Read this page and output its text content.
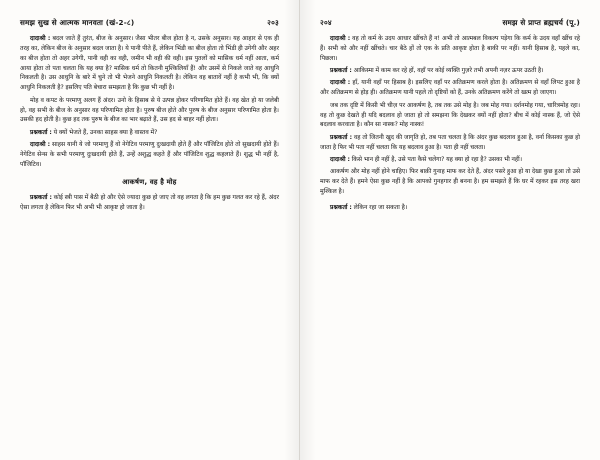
समझ सुख से आत्मक मानवता (खं-2-८)	२०३

दादाश्री : बदल जाते हैं तुरंत, बीज के अनुसार। जैसा भीतर बीज होता है न, उसके अनुसार। यह आहार से एक ही तरह का, लेकिन बीज के अनुसार बदल जाता है। ये पानी पीते हैं, लेकिन भिंडी का बीज होता तो भिंडी ही उगेगी और अहर का बीज होता तो अहर उगेगी, पानी वही का वही, जमीन भी वही की वही। इस पुतलों को मासिक धर्म नहीं आता, कर्म आया होता तो पता चलता कि यह क्या है? मासिक धर्म तो कितनी मुश्किलियाँ हैं! और उसमें से निकले जाते वह आधुनि निकलती है। उस आधुनि के बारे में चुने तो भी भेजने आधुनि निकलती है। लेकिन वह बातावें नहीं है कभी भी, कि क्यों आधुनि निकलती है? इसलिए पति बेचारा समझता है कि कुछ भी नहीं है।

मोह व कपट के परमाणु अलग हैं अंदर। उनो के हिसाब से ये उत्पन्न होकर परिणामित होते हैं। वह खेत हो या जलेबी हो, वह सभी के बीज के अनुसार वह परिणामित होता है। पुरुष बीज होते और पुरुष के बीज अनुसार परिणामित होता है। उसकी हद होती है। कुछ हद तक पुरुष के बीज का भार बढ़ाते हैं, उस हद से बाहर नहीं होता।

प्रश्नकर्ता : ये क्यों भेजते हैं, उनका साहस क्या है वास्तव में?

दादाश्री : साहस यानी ये जो परमाणु हैं वो नेगेटिव परमाणु दुःखदायी होते हैं और पॉजिटिव होते तो सुखदायी होते हैं। नेगेटिव सेन्स के सभी परमाणु दुःखदायी होते हैं, उन्हें अशुद्ध कहते हैं और पॉजिटिव शुद्ध कहलाते हैं। शुद्ध भी नहीं है, पॉजिटिव।

आकर्षण, वह है मोह

प्रश्नकर्ता : कोई स्त्री पास में बैठी हो और ऐसे ज्यादा कुछ हो जाए तो वह लगता है कि हम कुछ गलत कर रहे हैं, अंदर ऐसा लगता है लेकिन फिर भी अभी भी आकृष्ट हो जाता है।

२०४	समझ से प्राप्त ब्रह्मचर्य (पू.)

दादाश्री : वह तो कर्म के उदय आधार खींचते हैं न! अभी तो आत्मबल विकल्प पड़ेगा कि कर्म के उदय वहाँ खींच रहे हैं। सभी को और नहीं खींचते। चार बैठे हों तो एक के प्रति आकृष्ट होता है बाकी पर नहीं। यानी हिसाब है, पहले का, पिछला।

प्रश्नकर्ता : आकिस्मा में काम कर रहे हों, वहाँ पर कोई व्यक्ति गुज़रे तभी अपनी नज़र ऊपर उठती है।

दादाश्री : हाँ, यानी वहाँ पर हिसाब है। इसलिए वहाँ पर अतिक्रमण करले होता है। अतिक्रमण से वहाँ लिपट हुआ है और अतिक्रमण से होड़ ही। अतिक्रमण यानी पहले तो दृष्टियों को हैं, उनके अतिक्रमण करेंगे तो खत्म हो जाएगा।

जब तक दृष्टि में किसी भी चीज़ पर आकर्षण है, तब तक उसे मोह है। जब मोह गया। दर्शनमोह गया, चारित्रमोह रहा। वह तो कुछ देखते ही यदि बदलाव हो जाता हो तो समझना कि देखकर क्यों नहीं होता? बीच में कोई नास्क हैं, जो ऐसे बदलाव करवाता है। कौन सा नास्क? मोह नास्क!

प्रश्नकर्ता : वह तो जितनी खुद की जागृति हो, तब पता चलता है कि अंदर कुछ बदलाव हुआ है, वर्ना किसका कुछ हो जाता है फिर भी पता नहीं चलता कि यह बदलाव हुआ है। पता ही नहीं चलता।

दादाश्री : किसे भान ही नहीं है, उसे पता कैसे चलेगा? यह क्या हो रहा है? उसका भी नहीं।

आकर्षण और मोह नहीं होने चाहिए। फिर बाक़ी गुनाह माफ कर देते हैं, अंदर पसरे हुआ हो या देखा कुछ हुआ तो उसे माफ कर देते हैं। हमने ऐसा कुछ नहीं है कि आपको गुनहगार ही बनना है। हम समझते हैं कि घर में रहकर इस तरह खरा मुश्किल है।

प्रश्नकर्ता : लेकिन रहा जा सकता है।
